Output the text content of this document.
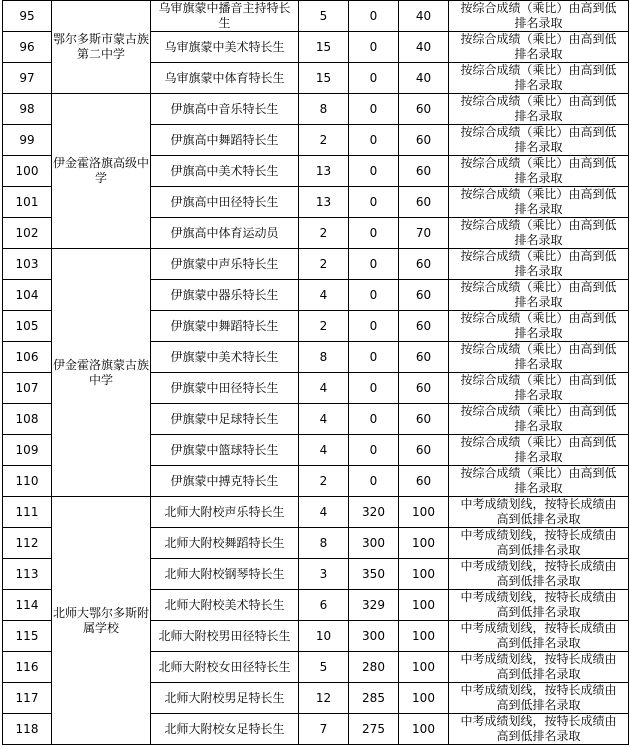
95	鄂尔多斯市蒙古族第二中学	乌审旗蒙中播音主持特长生	5	0	40	按综合成绩（乘比）由高到低排名录取
96		乌审旗蒙中美术特长生	15	0	40	按综合成绩（乘比）由高到低排名录取
97		乌审旗蒙中体育特长生	15	0	40	按综合成绩（乘比）由高到低排名录取
98	伊金霍洛旗高级中学	伊旗高中音乐特长生	8	0	60	按综合成绩（乘比）由高到低排名录取
99		伊旗高中舞蹈特长生	2	0	60	按综合成绩（乘比）由高到低排名录取
100		伊旗高中美术特长生	13	0	60	按综合成绩（乘比）由高到低排名录取
101		伊旗高中田径特长生	13	0	60	按综合成绩（乘比）由高到低排名录取
102		伊旗高中体育运动员	2	0	70	按综合成绩（乘比）由高到低排名录取
103	伊金霍洛旗蒙古族中学	伊旗蒙中声乐特长生	2	0	60	按综合成绩（乘比）由高到低排名录取
104		伊旗蒙中器乐特长生	4	0	60	按综合成绩（乘比）由高到低排名录取
105		伊旗蒙中舞蹈特长生	2	0	60	按综合成绩（乘比）由高到低排名录取
106		伊旗蒙中美术特长生	8	0	60	按综合成绩（乘比）由高到低排名录取
107		伊旗蒙中田径特长生	4	0	60	按综合成绩（乘比）由高到低排名录取
108		伊旗蒙中足球特长生	4	0	60	按综合成绩（乘比）由高到低排名录取
109		伊旗蒙中篮球特长生	4	0	60	按综合成绩（乘比）由高到低排名录取
110		伊旗蒙中搏克特长生	2	0	60	按综合成绩（乘比）由高到低排名录取
111	北师大鄂尔多斯附属学校	北师大附校声乐特长生	4	320	100	中考成绩划线，按特长成绩由高到低排名录取
112		北师大附校舞蹈特长生	8	300	100	中考成绩划线，按特长成绩由高到低排名录取
113		北师大附校钢琴特长生	3	350	100	中考成绩划线，按特长成绩由高到低排名录取
114		北师大附校美术特长生	6	329	100	中考成绩划线，按特长成绩由高到低排名录取
115		北师大附校男田径特长生	10	300	100	中考成绩划线，按特长成绩由高到低排名录取
116		北师大附校女田径特长生	5	280	100	中考成绩划线，按特长成绩由高到低排名录取
117		北师大附校男足特长生	12	285	100	中考成绩划线，按特长成绩由高到低排名录取
118		北师大附校女足特长生	7	275	100	中考成绩划线，按特长成绩由高到低排名录取
